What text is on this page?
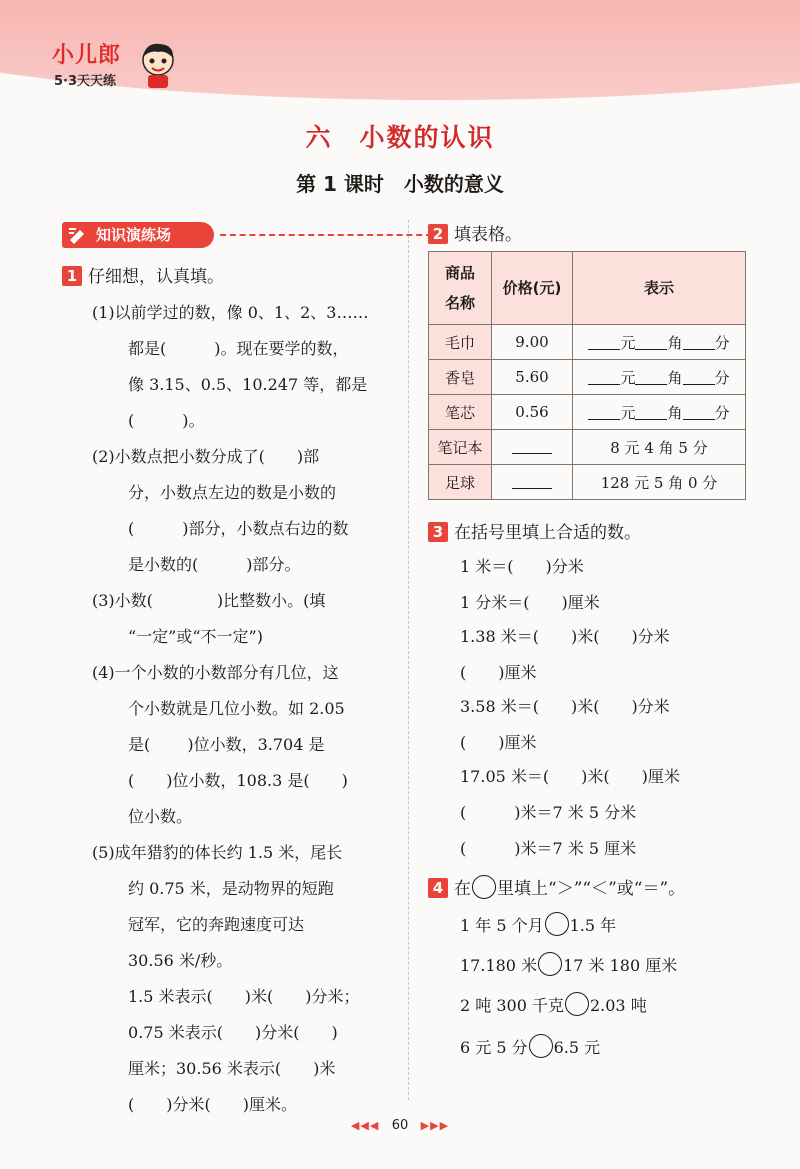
小儿郎
5·3天天练
六　小数的认识
第 1 课时　小数的意义
知识演练场
1 仔细想，认真填。
(1)以前学过的数，像 0、1、2、3……
都是(　　　)。现在要学的数，
像 3.15、0.5、10.247 等，都是
(　　　)。
(2)小数点把小数分成了(　　)部
分，小数点左边的数是小数的
(　　　)部分，小数点右边的数
是小数的(　　　)部分。
(3)小数(　　　　)比整数小。(填
“一定”或“不一定”)
(4)一个小数的小数部分有几位，这
个小数就是几位小数。如 2.05
是(　　 )位小数，3.704 是
(　　)位小数，108.3 是(　　)
位小数。
(5)成年猎豹的体长约 1.5 米，尾长
约 0.75 米，是动物界的短跑
冠军，它的奔跑速度可达
30.56 米/秒。
1.5 米表示(　　)米(　　)分米；
0.75 米表示(　　)分米(　　)
厘米；30.56 米表示(　　)米
(　　)分米(　　)厘米。
2 填表格。
商品
名称	价格(元)	表示
毛巾	9.00	元 角 分
香皂	5.60	元 角 分
笔芯	0.56	元 角 分
笔记本		8 元 4 角 5 分
足球		128 元 5 角 0 分
3 在括号里填上合适的数。
1 米＝(　　)分米
1 分米＝(　　)厘米
1.38 米＝(　　)米(　　)分米
(　　)厘米
3.58 米＝(　　)米(　　)分米
(　　)厘米
17.05 米＝(　　)米(　　)厘米
(　　　)米＝7 米 5 分米
(　　　)米＝7 米 5 厘米
4 在 里填上“＞”“＜”或“＝”。
1 年 5 个月 1.5 年
17.180 米 17 米 180 厘米
2 吨 300 千克 2.03 吨
6 元 5 分 6.5 元
◀◀◀ 60 ▶▶▶
